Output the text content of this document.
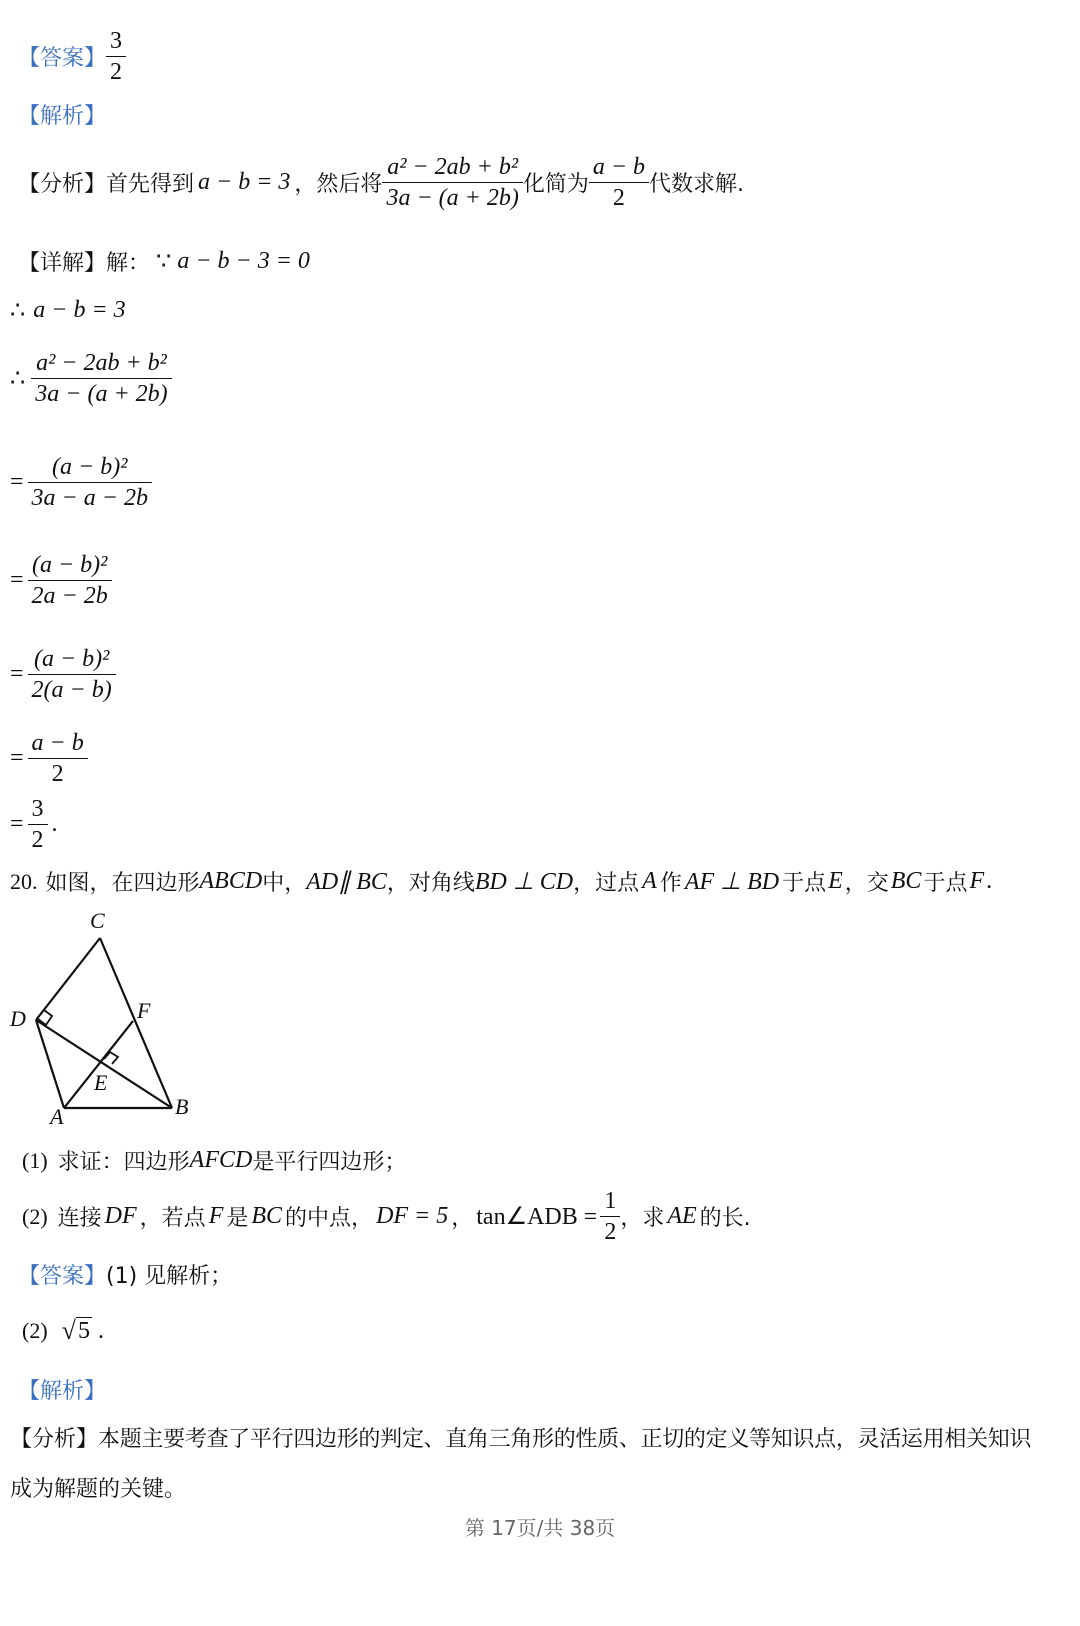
【答案】 $\frac{3}{2}$
【解析】
【分析】 首先得到 a − b = 3 ，然后将 $\frac{\text{a² − 2ab + b²}}{3a - (a + 2b)}$ 化简为 $\frac{a - b}{2}$ 代数求解.
【详解】 解： ∵ a − b − 3 = 0
∴ a − b = 3
∴ $\frac{\text{a² − 2ab + b²}}{3a - (a + 2b)}$
= $\frac{\text{(a − b)²}}{3a - a - 2b}$
= $\frac{\text{(a − b)²}}{2a - 2b}$
= $\frac{\text{(a − b)²}}{2(a - b)}$
= $\frac{a - b}{2}$
= $\frac{3}{2}$ .
20. 如图，在四边形 ABCD 中， AD∥ BC ，对角线 BD ⊥ CD ，过点 A 作 AF ⊥ BD 于点 E ，交 BC 于点 F .
C
D	F
E
A	B
(1) 求证：四边形 AFCD 是平行四边形；
(2) 连接 DF ，若点 F 是 BC 的中点， DF = 5 ， tan∠ADB = $\frac{1}{2}$ ，求 AE 的长.
【答案】 (1) 见解析；
(2) √ 5 .
【解析】
【分析】 本题主要考查了平行四边形的判定、直角三角形的性质、正切的定义等知识点，灵活运用相关知识
成为解题的关键。
第 17页/共 38页
